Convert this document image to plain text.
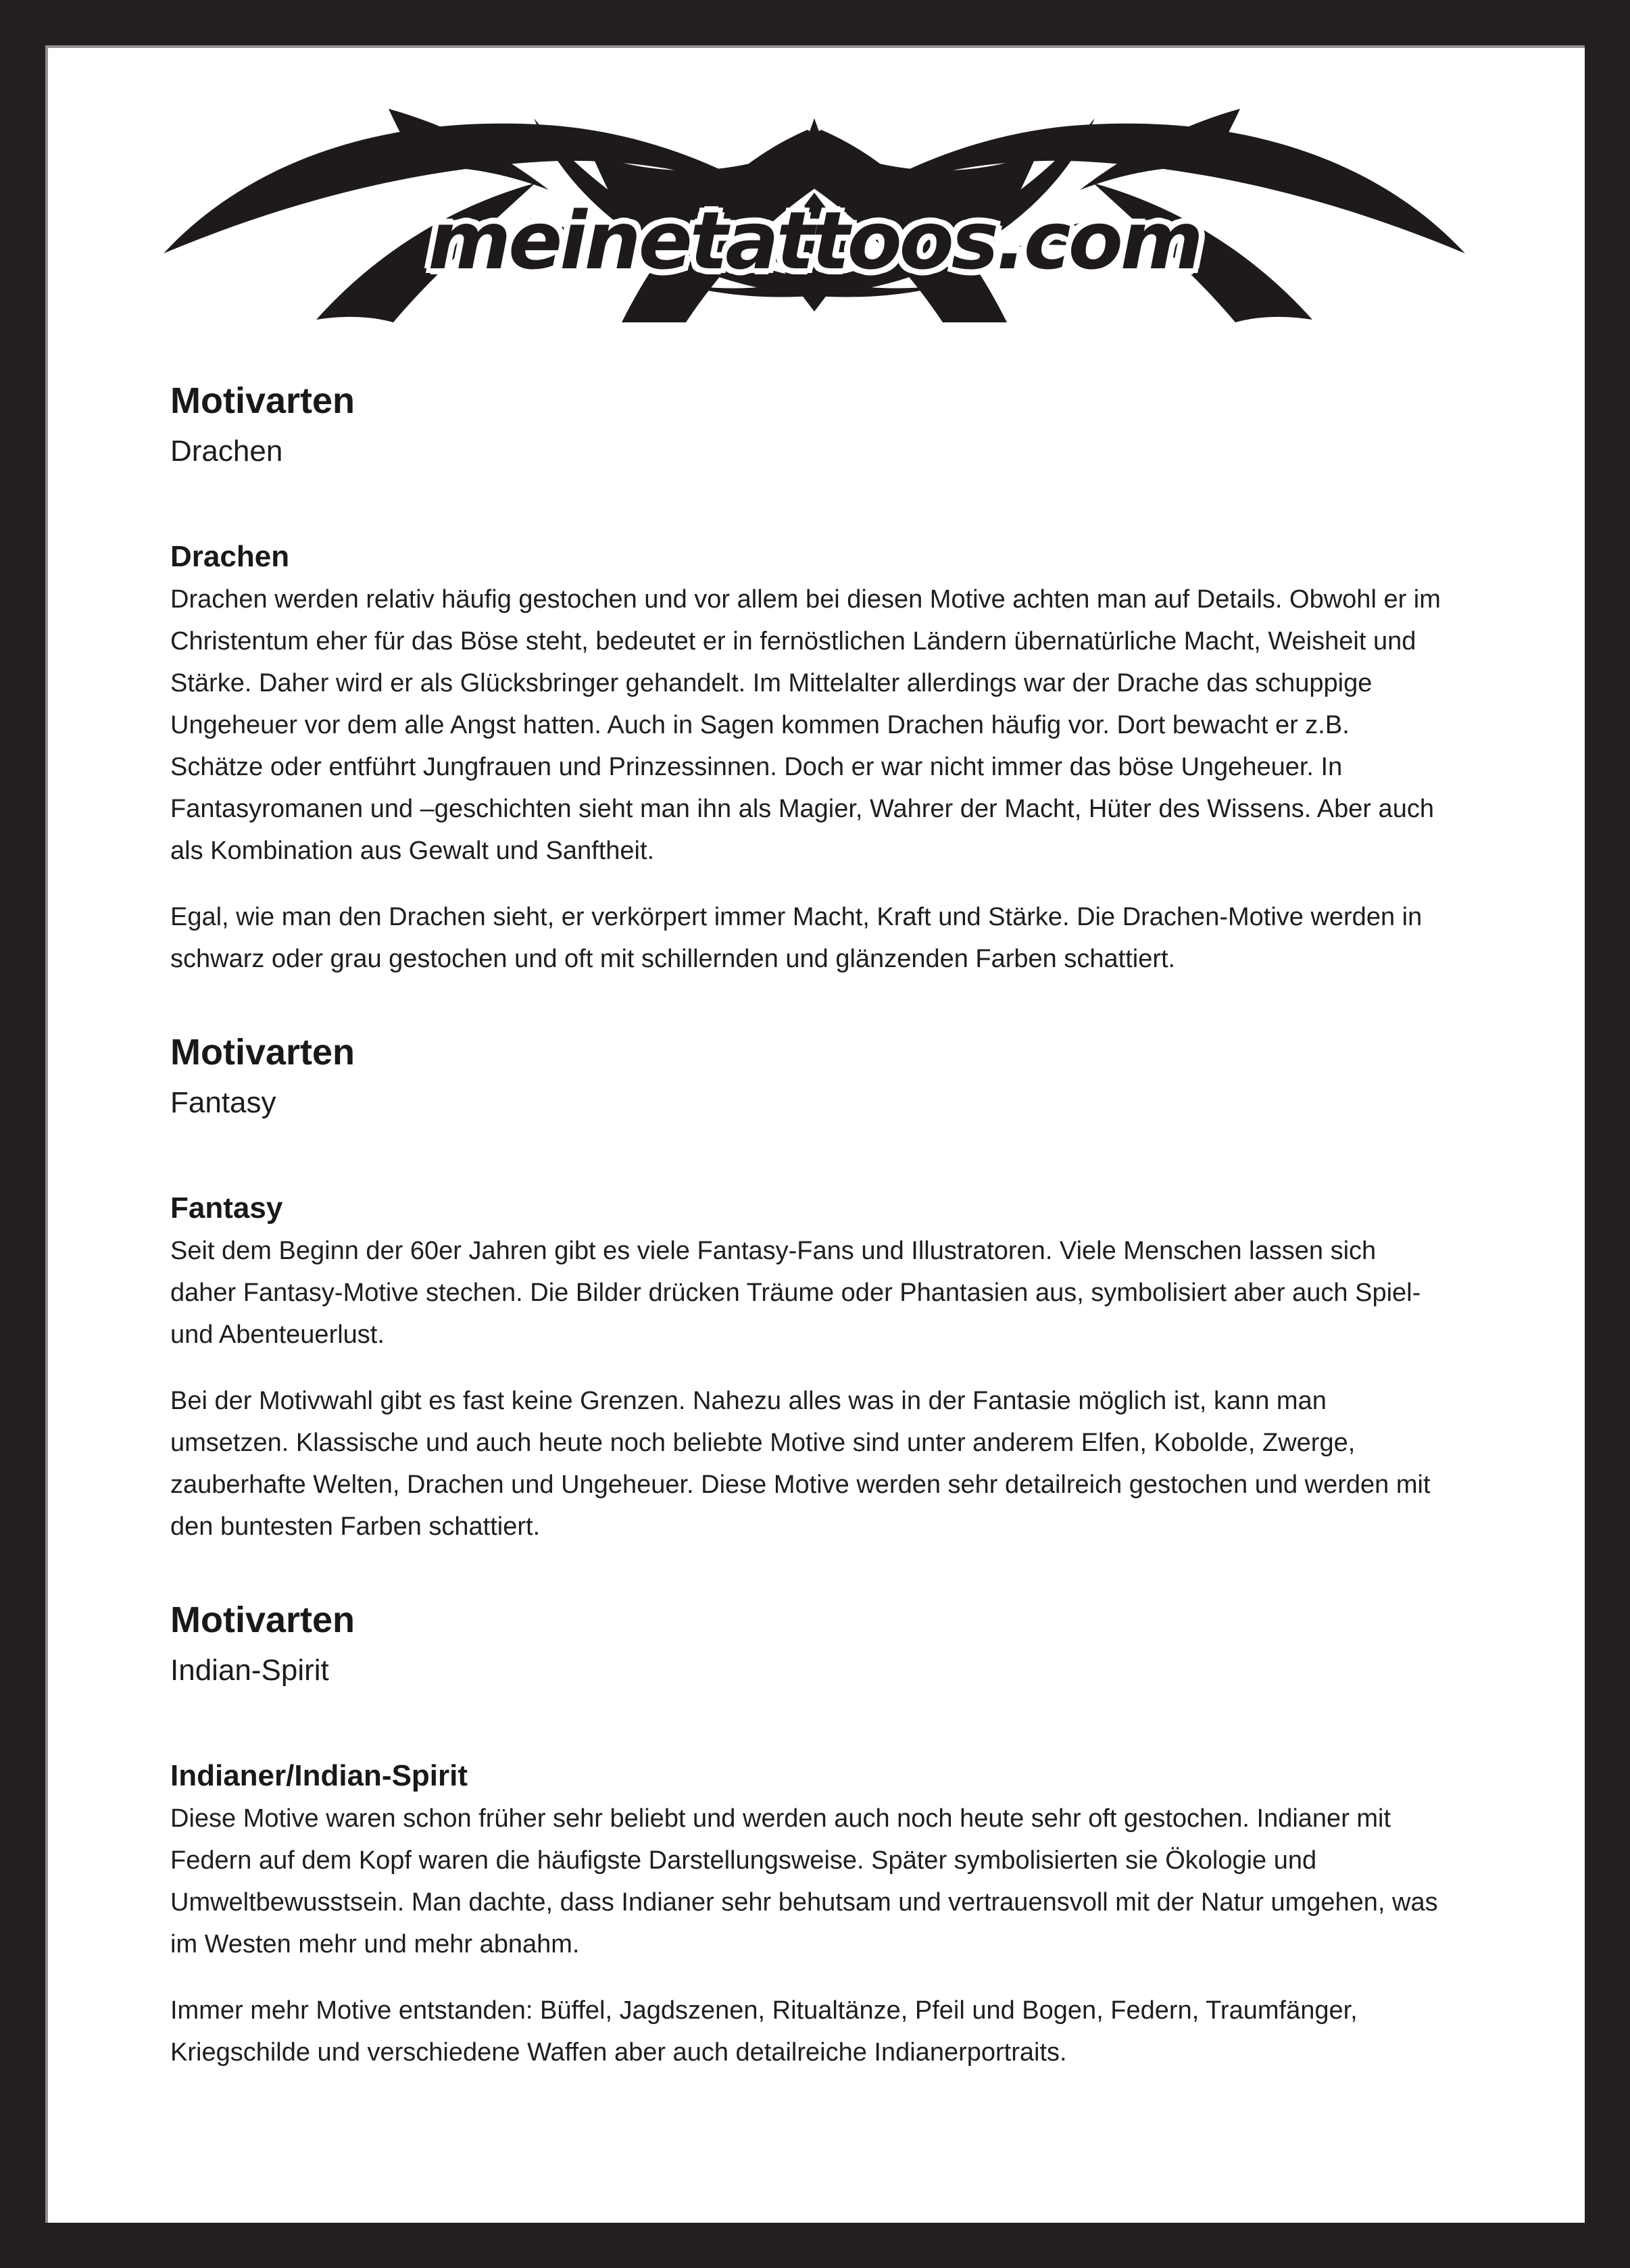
meinetattoos.com
Motivarten
Drachen
Drachen

Drachen werden relativ häufig gestochen und vor allem bei diesen Motive achten man auf Details. Obwohl er im Christentum eher für das Böse steht, bedeutet er in fernöstlichen Ländern übernatürliche Macht, Weisheit und Stärke. Daher wird er als Glücksbringer gehandelt. Im Mittelalter allerdings war der Drache das schuppige Ungeheuer vor dem alle Angst hatten. Auch in Sagen kommen Drachen häufig vor. Dort bewacht er z.B. Schätze oder entführt Jungfrauen und Prinzessinnen. Doch er war nicht immer das böse Ungeheuer. In Fantasyromanen und –geschichten sieht man ihn als Magier, Wahrer der Macht, Hüter des Wissens. Aber auch als Kombination aus Gewalt und Sanftheit.

Egal, wie man den Drachen sieht, er verkörpert immer Macht, Kraft und Stärke. Die Drachen-Motive werden in schwarz oder grau gestochen und oft mit schillernden und glänzenden Farben schattiert.

Motivarten
Fantasy
Fantasy

Seit dem Beginn der 60er Jahren gibt es viele Fantasy-Fans und Illustratoren. Viele Menschen lassen sich daher Fantasy-Motive stechen. Die Bilder drücken Träume oder Phantasien aus, symbolisiert aber auch Spiel- und Abenteuerlust.

Bei der Motivwahl gibt es fast keine Grenzen. Nahezu alles was in der Fantasie möglich ist, kann man umsetzen. Klassische und auch heute noch beliebte Motive sind unter anderem Elfen, Kobolde, Zwerge, zauberhafte Welten, Drachen und Ungeheuer. Diese Motive werden sehr detailreich gestochen und werden mit den buntesten Farben schattiert.

Motivarten
Indian-Spirit
Indianer/Indian-Spirit

Diese Motive waren schon früher sehr beliebt und werden auch noch heute sehr oft gestochen. Indianer mit Federn auf dem Kopf waren die häufigste Darstellungsweise. Später symbolisierten sie Ökologie und Umweltbewusstsein. Man dachte, dass Indianer sehr behutsam und vertrauensvoll mit der Natur umgehen, was im Westen mehr und mehr abnahm.

Immer mehr Motive entstanden: Büffel, Jagdszenen, Ritualtänze, Pfeil und Bogen, Federn, Traumfänger, Kriegschilde und verschiedene Waffen aber auch detailreiche Indianerportraits.
